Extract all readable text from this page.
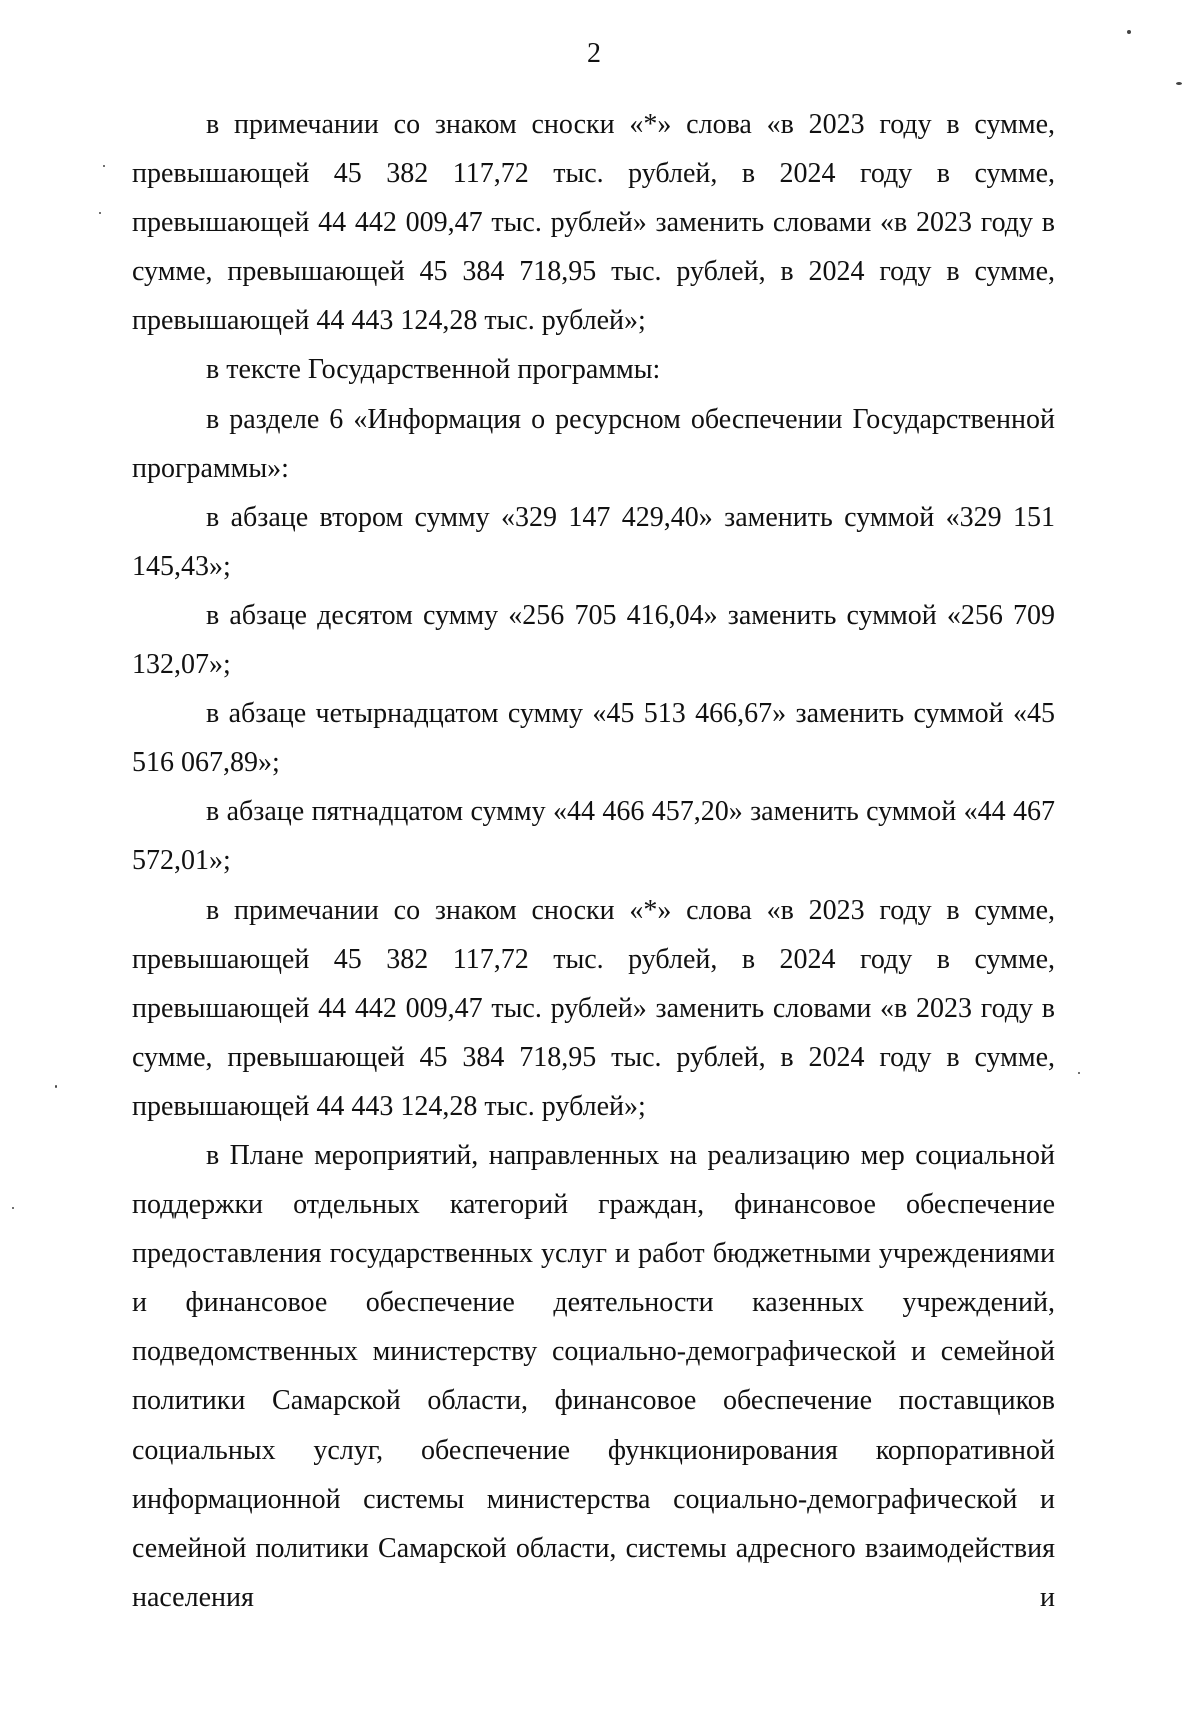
2

в примечании со знаком сноски «*» слова «в 2023 году в сумме, превышающей 45 382 117,72 тыс. рублей, в 2024 году в сумме, превышающей 44 442 009,47 тыс. рублей» заменить словами «в 2023 году в сумме, превышающей 45 384 718,95 тыс. рублей, в 2024 году в сумме, превышающей 44 443 124,28 тыс. рублей»;

в тексте Государственной программы:

в разделе 6 «Информация о ресурсном обеспечении Государственной программы»:

в абзаце втором сумму «329 147 429,40» заменить суммой «329 151 145,43»;

в абзаце десятом сумму «256 705 416,04» заменить суммой «256 709 132,07»;

в абзаце четырнадцатом сумму «45 513 466,67» заменить суммой «45 516 067,89»;

в абзаце пятнадцатом сумму «44 466 457,20» заменить суммой «44 467 572,01»;

в примечании со знаком сноски «*» слова «в 2023 году в сумме, превышающей 45 382 117,72 тыс. рублей, в 2024 году в сумме, превышающей 44 442 009,47 тыс. рублей» заменить словами «в 2023 году в сумме, превышающей 45 384 718,95 тыс. рублей, в 2024 году в сумме, превышающей 44 443 124,28 тыс. рублей»;

в Плане мероприятий, направленных на реализацию мер социальной поддержки отдельных категорий граждан, финансовое обеспечение предоставления государственных услуг и работ бюджетными учреждениями и финансовое обеспечение деятельности казенных учреждений, подведомственных министерству социально-демографической и семейной политики Самарской области, финансовое обеспечение поставщиков социальных услуг, обеспечение функционирования корпоративной информационной системы министерства социально-демографической и семейной политики Самарской области, системы адресного взаимодействия населения и
